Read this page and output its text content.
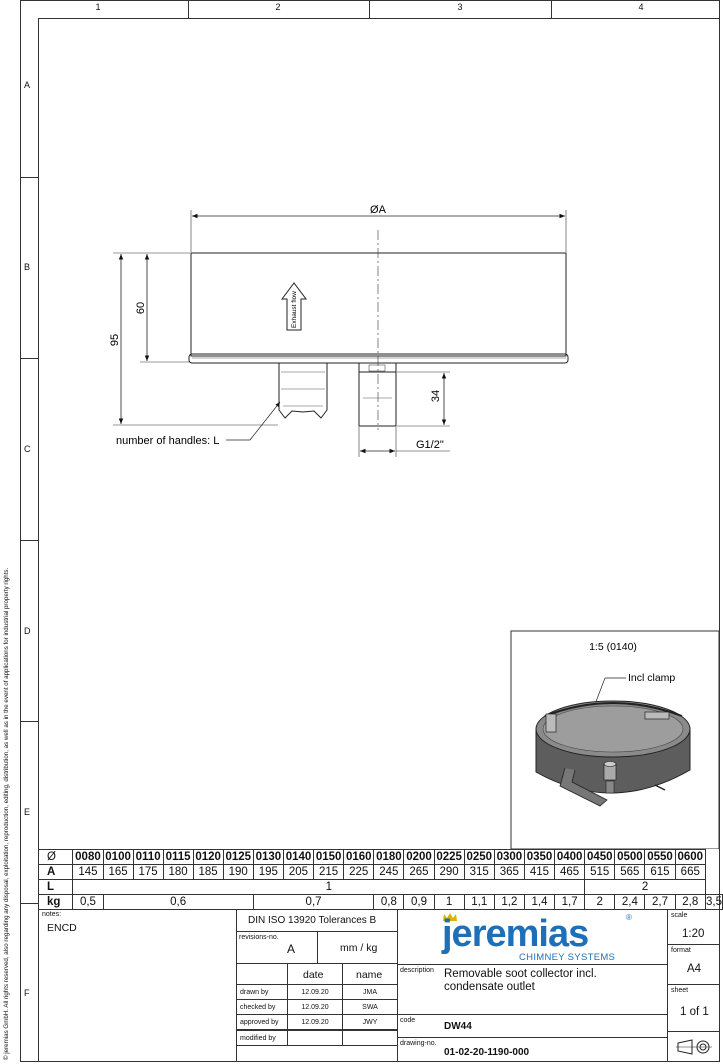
1	2	3	4
A
B
C
D
E
F
© jeremias GmbH. All rights reserved, also regarding any disposal, exploitation, reproduction, editing, distribution, as well as in the event of applications for industrial property rights.
Exhaust flow
ØA
60
95
34
G1/2"
number of handles: L
1:5 (0140)
Incl clamp
Ø	0080	0100	0110	0115	0120	0125	0130	0140	0150	0160	0180	0200	0225	0250	0300	0350	0400	0450	0500	0550	0600	
A	145	165	175	180	185	190	195	205	215	225	245	265	290	315	365	415	465	515	565	615	665	
L	1																	2				
kg	0,5	0,6					0,7				0,8	0,9	1	1,1	1,2	1,4	1,7	2	2,4	2,7	2,8	3,5
notes:
ENCD
DIN ISO 13920 Tolerances B
revisions-no.
A	mm / kg
date	name
drawn by	12.09.20	JMA
checked by	12.09.20	SWA
approved by	12.09.20	JWY
modified by
jeremias	®
CHIMNEY SYSTEMS
description Removable soot collector incl. condensate outlet
code
DW44
drawing-no.
01-02-20-1190-000
scale
1:20
format
A4
sheet
1 of 1
